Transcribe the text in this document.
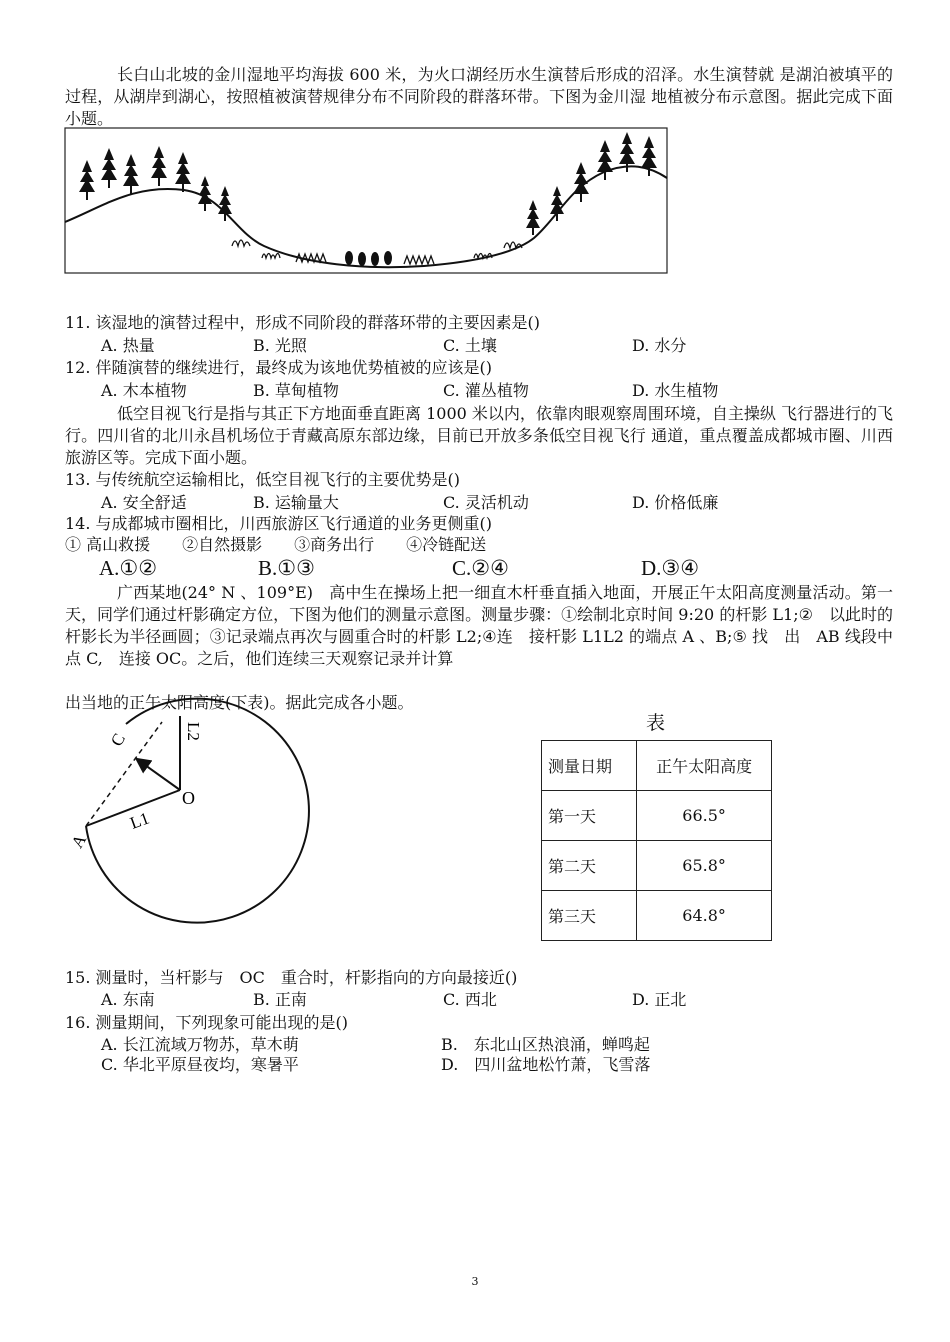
长白山北坡的金川湿地平均海拔 600 米，为火口湖经历水生演替后形成的沼泽。水生演替就 是湖泊被填平的过程，从湖岸到湖心，按照植被演替规律分布不同阶段的群落环带。下图为金川湿 地植被分布示意图。据此完成下面小题。
11. 该湿地的演替过程中，形成不同阶段的群落环带的主要因素是()
A. 热量	B. 光照	C. 土壤	D. 水分
12. 伴随演替的继续进行，最终成为该地优势植被的应该是()
A. 木本植物	B. 草甸植物	C. 灌丛植物	D. 水生植物
低空目视飞行是指与其正下方地面垂直距离 1000 米以内，依靠肉眼观察周围环境，自主操纵 飞行器进行的飞行。四川省的北川永昌机场位于青藏高原东部边缘，目前已开放多条低空目视飞行 通道，重点覆盖成都城市圈、川西旅游区等。完成下面小题。
13. 与传统航空运输相比，低空目视飞行的主要优势是()
A. 安全舒适	B. 运输量大	C. 灵活机动	D. 价格低廉
14. 与成都城市圈相比，川西旅游区飞行通道的业务更侧重()
① 高山救援　　②自然摄影　　③商务出行　　④冷链配送
A.①②	B.①③	C.②④	D.③④
广西某地(24° N 、109°E)　高中生在操场上把一细直木杆垂直插入地面，开展正午太阳高度测量活动。第一天，同学们通过杆影确定方位，下图为他们的测量示意图。测量步骤：①绘制北京时间 9:20 的杆影 L1;②　以此时的杆影长为半径画圆；③记录端点再次与圆重合时的杆影 L2;④连　接杆影 L1L2 的端点 A 、B;⑤ 找　出　AB 线段中点 C,　连接 OC。之后，他们连续三天观察记录并计算
出当地的正午太阳高度(下表)。据此完成各小题。
C	L2
O
L1
A
表
测量日期	正午太阳高度
第一天	66.5°
第二天	65.8°
第三天	64.8°
15. 测量时，当杆影与　OC　重合时，杆影指向的方向最接近()
A. 东南	B. 正南	C. 西北	D. 正北
16. 测量期间，下列现象可能出现的是()
A. 长江流域万物苏，草木萌	B.　东北山区热浪涌，蝉鸣起
C. 华北平原昼夜均，寒暑平	D.　四川盆地松竹萧，飞雪落
3
